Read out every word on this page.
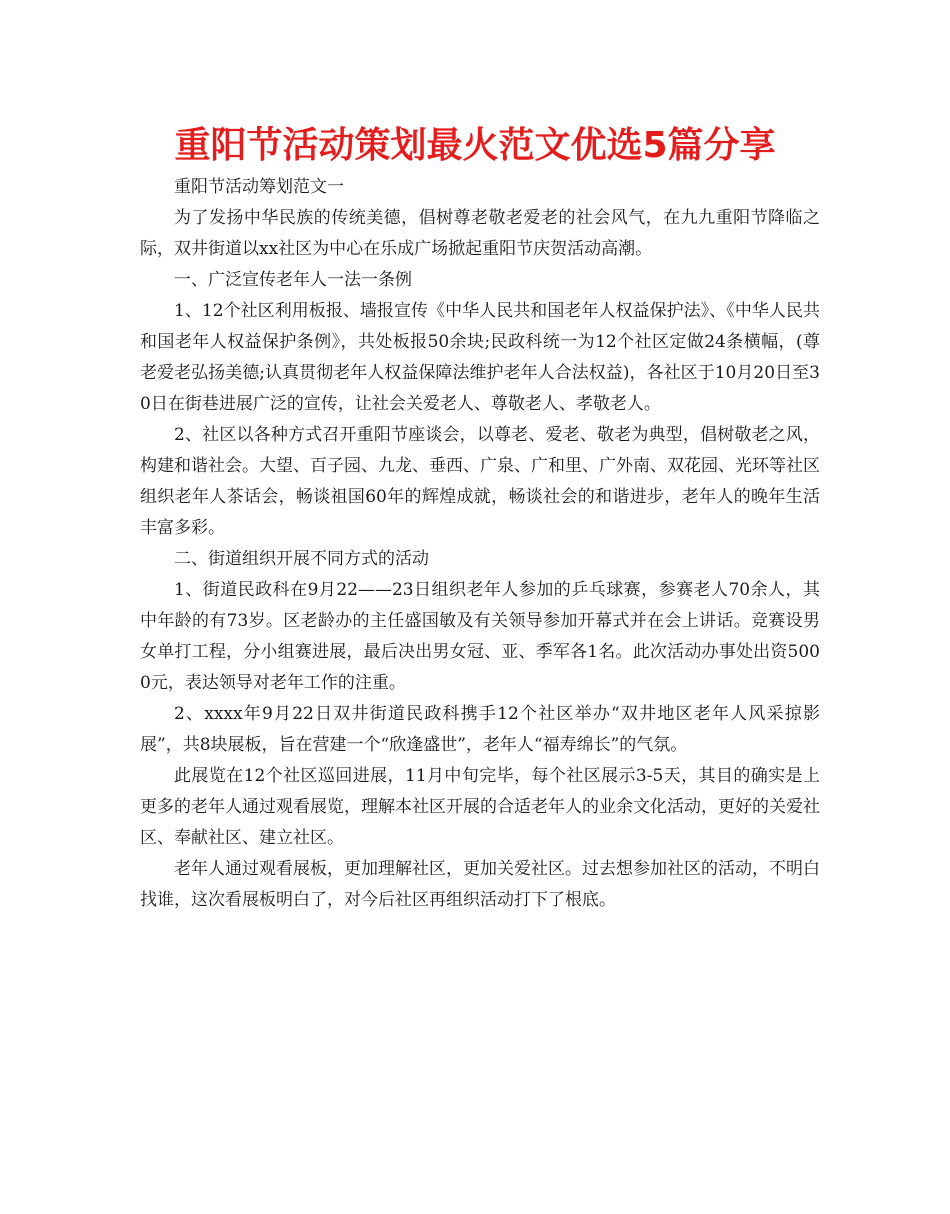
重阳节活动策划最火范文优选5篇分享

重阳节活动筹划范文一

为了发扬中华民族的传统美德，倡树尊老敬老爱老的社会风气，在九九重阳节降临之际，双井街道以xx社区为中心在乐成广场掀起重阳节庆贺活动高潮。

一、广泛宣传老年人一法一条例

1、12个社区利用板报、墙报宣传《中华人民共和国老年人权益保护法》、《中华人民共和国老年人权益保护条例》，共处板报50余块;民政科统一为12个社区定做24条横幅，(尊老爱老弘扬美德;认真贯彻老年人权益保障法维护老年人合法权益)，各社区于10月20日至30日在街巷进展广泛的宣传，让社会关爱老人、尊敬老人、孝敬老人。

2、社区以各种方式召开重阳节座谈会，以尊老、爱老、敬老为典型，倡树敬老之风，构建和谐社会。大望、百子园、九龙、垂西、广泉、广和里、广外南、双花园、光环等社区组织老年人茶话会，畅谈祖国60年的辉煌成就，畅谈社会的和谐进步，老年人的晚年生活丰富多彩。

二、街道组织开展不同方式的活动

1、街道民政科在9月22——23日组织老年人参加的乒乓球赛，参赛老人70余人，其中年龄的有73岁。区老龄办的主任盛国敏及有关领导参加开幕式并在会上讲话。竞赛设男女单打工程，分小组赛进展，最后决出男女冠、亚、季军各1名。此次活动办事处出资5000元，表达领导对老年工作的注重。

2、xxxx年9月22日双井街道民政科携手12个社区举办“双井地区老年人风采掠影展”，共8块展板，旨在营建一个“欣逢盛世”，老年人“福寿绵长”的气氛。

此展览在12个社区巡回进展，11月中旬完毕，每个社区展示3-5天，其目的确实是上更多的老年人通过观看展览，理解本社区开展的合适老年人的业余文化活动，更好的关爱社区、奉献社区、建立社区。

老年人通过观看展板，更加理解社区，更加关爱社区。过去想参加社区的活动，不明白找谁，这次看展板明白了，对今后社区再组织活动打下了根底。
